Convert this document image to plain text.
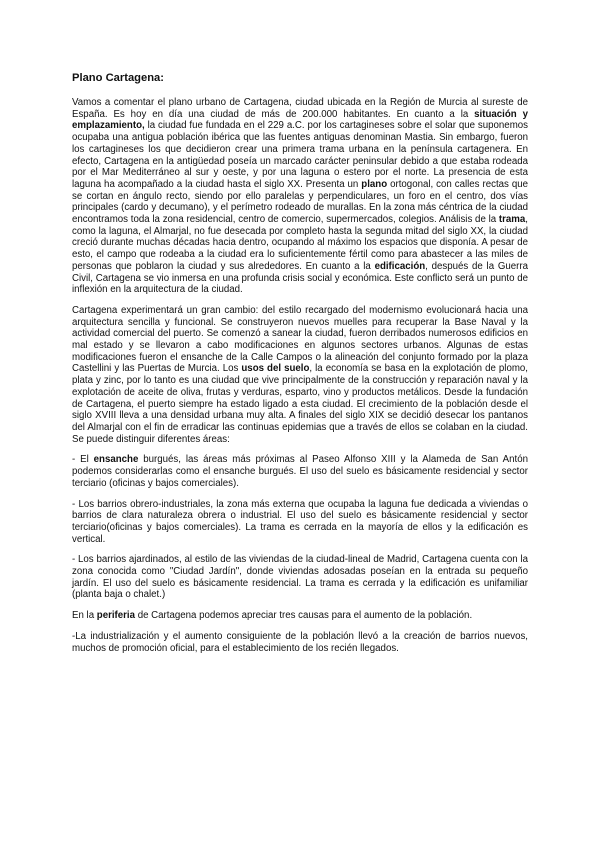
Plano Cartagena:

Vamos a comentar el plano urbano de Cartagena, ciudad ubicada en la Región de Murcia al sureste de España. Es hoy en día una ciudad de más de 200.000 habitantes. En cuanto a la situación y emplazamiento, la ciudad fue fundada en el 229 a.C. por los cartagineses sobre el solar que suponemos ocupaba una antigua población ibérica que las fuentes antiguas denominan Mastia. Sin embargo, fueron los cartagineses los que decidieron crear una primera trama urbana en la península cartagenera. En efecto, Cartagena en la antigüedad poseía un marcado carácter peninsular debido a que estaba rodeada por el Mar Mediterráneo al sur y oeste, y por una laguna o estero por el norte. La presencia de esta laguna ha acompañado a la ciudad hasta el siglo XX. Presenta un plano ortogonal, con calles rectas que se cortan en ángulo recto, siendo por ello paralelas y perpendiculares, un foro en el centro, dos vías principales (cardo y decumano), y el perímetro rodeado de murallas. En la zona más céntrica de la ciudad encontramos toda la zona residencial, centro de comercio, supermercados, colegios. Análisis de la trama, como la laguna, el Almarjal, no fue desecada por completo hasta la segunda mitad del siglo XX, la ciudad creció durante muchas décadas hacia dentro, ocupando al máximo los espacios que disponía. A pesar de esto, el campo que rodeaba a la ciudad era lo suficientemente fértil como para abastecer a las miles de personas que poblaron la ciudad y sus alrededores. En cuanto a la edificación, después de la Guerra Civil, Cartagena se vio inmersa en una profunda crisis social y económica. Este conflicto será un punto de inflexión en la arquitectura de la ciudad.

Cartagena experimentará un gran cambio: del estilo recargado del modernismo evolucionará hacia una arquitectura sencilla y funcional. Se construyeron nuevos muelles para recuperar la Base Naval y la actividad comercial del puerto. Se comenzó a sanear la ciudad, fueron derribados numerosos edificios en mal estado y se llevaron a cabo modificaciones en algunos sectores urbanos. Algunas de estas modificaciones fueron el ensanche de la Calle Campos o la alineación del conjunto formado por la plaza Castellini y las Puertas de Murcia. Los usos del suelo, la economía se basa en la explotación de plomo, plata y zinc, por lo tanto es una ciudad que vive principalmente de la construcción y reparación naval y la explotación de aceite de oliva, frutas y verduras, esparto, vino y productos metálicos. Desde la fundación de Cartagena, el puerto siempre ha estado ligado a esta ciudad. El crecimiento de la población desde el siglo XVIII lleva a una densidad urbana muy alta. A finales del siglo XIX se decidió desecar los pantanos del Almarjal con el fin de erradicar las continuas epidemias que a través de ellos se colaban en la ciudad. Se puede distinguir diferentes áreas:

- El ensanche burgués, las áreas más próximas al Paseo Alfonso XIII y la Alameda de San Antón podemos considerarlas como el ensanche burgués. El uso del suelo es básicamente residencial y sector terciario (oficinas y bajos comerciales).

- Los barrios obrero-industriales, la zona más externa que ocupaba la laguna fue dedicada a viviendas o barrios de clara naturaleza obrera o industrial. El uso del suelo es básicamente residencial y sector terciario(oficinas y bajos comerciales). La trama es cerrada en la mayoría de ellos y la edificación es vertical.

- Los barrios ajardinados, al estilo de las viviendas de la ciudad-lineal de Madrid, Cartagena cuenta con la zona conocida como "Ciudad Jardín", donde viviendas adosadas poseían en la entrada su pequeño jardín. El uso del suelo es básicamente residencial. La trama es cerrada y la edificación es unifamiliar (planta baja o chalet.)

En la periferia de Cartagena podemos apreciar tres causas para el aumento de la población.

-La industrialización y el aumento consiguiente de la población llevó a la creación de barrios nuevos, muchos de promoción oficial, para el establecimiento de los recién llegados.
